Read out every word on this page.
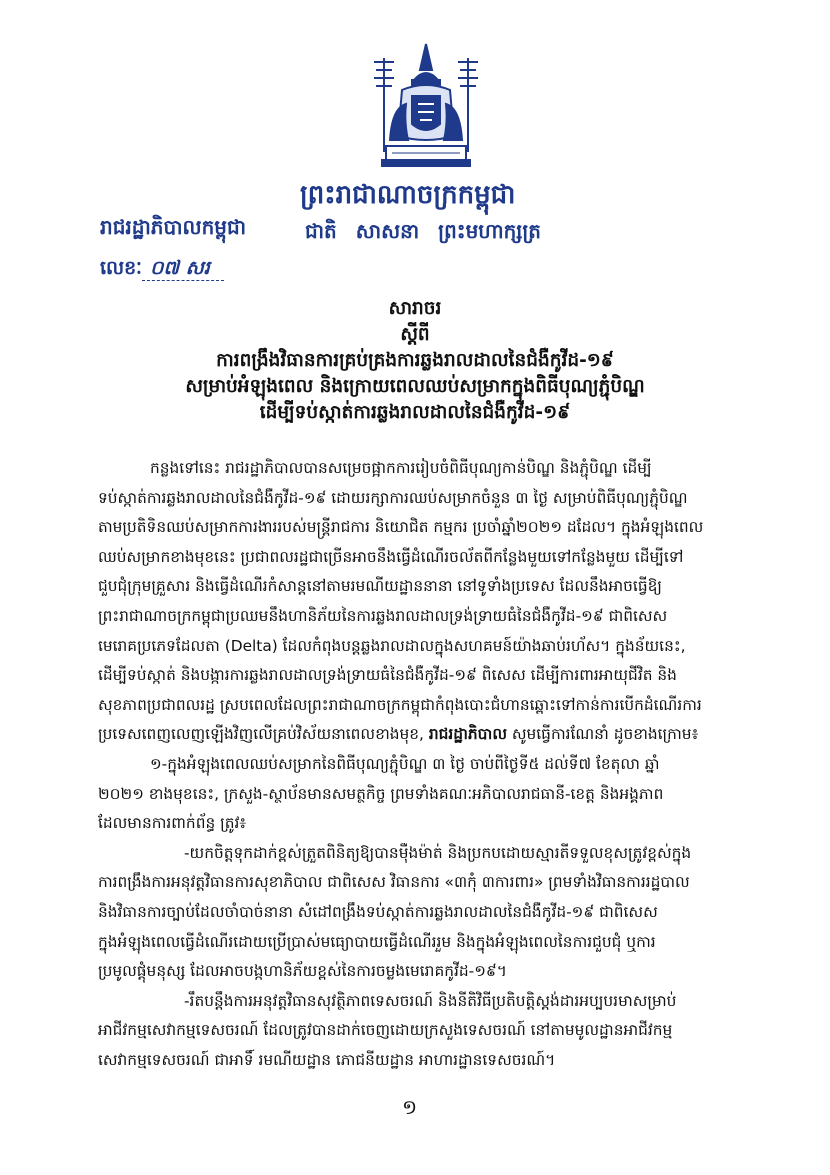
ព្រះរាជាណាចក្រកម្ពុជា
ជាតិ សាសនា ព្រះមហាក្សត្រ
រាជរដ្ឋាភិបាលកម្ពុជា
លេខៈ ០៧ សរ
សារាចរ
ស្តីពី
ការពង្រឹងវិធានការគ្រប់គ្រងការឆ្លងរាលដាលនៃជំងឺកូវីដ-១៩
សម្រាប់អំឡុងពេល និងក្រោយពេលឈប់សម្រាកក្នុងពិធីបុណ្យភ្ជុំបិណ្ឌ
ដើម្បីទប់ស្កាត់ការឆ្លងរាលដាលនៃជំងឺកូវីដ-១៩
កន្លងទៅនេះ រាជរដ្ឋាភិបាលបានសម្រេចផ្អាកការរៀបចំពិធីបុណ្យកាន់បិណ្ឌ និងភ្ជុំបិណ្ឌ ដើម្បី
ទប់ស្កាត់ការឆ្លងរាលដាលនៃជំងឺកូវីដ-១៩ ដោយរក្សាការឈប់សម្រាកចំនួន ៣ ថ្ងៃ សម្រាប់ពិធីបុណ្យភ្ជុំបិណ្ឌ
តាមប្រតិទិនឈប់សម្រាកការងាររបស់មន្ត្រីរាជការ និយោជិត កម្មករ ប្រចាំឆ្នាំ២០២១ ដដែល។ ក្នុងអំឡុងពេល
ឈប់សម្រាកខាងមុខនេះ ប្រជាពលរដ្ឋជាច្រើនអាចនឹងធ្វើដំណើរចល័តពីកន្លែងមួយទៅកន្លែងមួយ ដើម្បីទៅ
ជួបជុំក្រុមគ្រួសារ និងធ្វើដំណើរកំសាន្តនៅតាមរមណីយដ្ឋាននានា នៅទូទាំងប្រទេស ដែលនឹងអាចធ្វើឱ្យ
ព្រះរាជាណាចក្រកម្ពុជាប្រឈមនឹងហានិភ័យនៃការឆ្លងរាលដាលទ្រង់ទ្រាយធំនៃជំងឺកូវីដ-១៩ ជាពិសេស
មេរោគប្រភេទដែលតា (Delta) ដែលកំពុងបន្តឆ្លងរាលដាលក្នុងសហគមន៍យ៉ាងឆាប់រហ័ស។ ក្នុងន័យនេះ,
ដើម្បីទប់ស្កាត់ និងបង្ការការឆ្លងរាលដាលទ្រង់ទ្រាយធំនៃជំងឺកូវីដ-១៩ ពិសេស ដើម្បីការពារអាយុជីវិត និង
សុខភាពប្រជាពលរដ្ឋ ស្របពេលដែលព្រះរាជាណាចក្រកម្ពុជាកំពុងបោះជំហានឆ្ពោះទៅកាន់ការបើកដំណើរការ
ប្រទេសពេញលេញឡើងវិញលើគ្រប់វិស័យនាពេលខាងមុខ, រាជរដ្ឋាភិបាល សូមធ្វើការណែនាំ ដូចខាងក្រោម៖
១-ក្នុងអំឡុងពេលឈប់សម្រាកនៃពិធីបុណ្យភ្ជុំបិណ្ឌ ៣ ថ្ងៃ ចាប់ពីថ្ងៃទី៥ ដល់ទី៧ ខែតុលា ឆ្នាំ
២០២១ ខាងមុខនេះ, ក្រសួង-ស្ថាប័នមានសមត្ថកិច្ច ព្រមទាំងគណៈអភិបាលរាជធានី-ខេត្ត និងអង្គភាព
ដែលមានការពាក់ព័ន្ធ ត្រូវ៖
-យកចិត្តទុកដាក់ខ្ពស់ត្រួតពិនិត្យឱ្យបានម៉ឺងម៉ាត់ និងប្រកបដោយស្មារតីទទួលខុសត្រូវខ្ពស់ក្នុង
ការពង្រឹងការអនុវត្តវិធានការសុខាភិបាល ជាពិសេស វិធានការ «៣កុំ ៣ការពារ» ព្រមទាំងវិធានការរដ្ឋបាល
និងវិធានការច្បាប់ដែលចាំបាច់នានា សំដៅពង្រឹងទប់ស្កាត់ការឆ្លងរាលដាលនៃជំងឺកូវីដ-១៩ ជាពិសេស
ក្នុងអំឡុងពេលធ្វើដំណើរដោយប្រើប្រាស់មធ្យោបាយធ្វើដំណើររួម និងក្នុងអំឡុងពេលនៃការជួបជុំ ឬការ
ប្រមូលផ្តុំមនុស្ស ដែលអាចបង្កហានិភ័យខ្ពស់នៃការចម្លងមេរោគកូវីដ-១៩។
-រឹតបន្តឹងការអនុវត្តវិធានសុវត្ថិភាពទេសចរណ៍ និងនីតិវិធីប្រតិបត្តិស្តង់ដារអប្បបរមាសម្រាប់
អាជីវកម្មសេវាកម្មទេសចរណ៍ ដែលត្រូវបានដាក់ចេញដោយក្រសួងទេសចរណ៍ នៅតាមមូលដ្ឋានអាជីវកម្ម
សេវាកម្មទេសចរណ៍ ជាអាទិ៍ រមណីយដ្ឋាន ភោជនីយដ្ឋាន អាហារដ្ឋានទេសចរណ៍។
១
